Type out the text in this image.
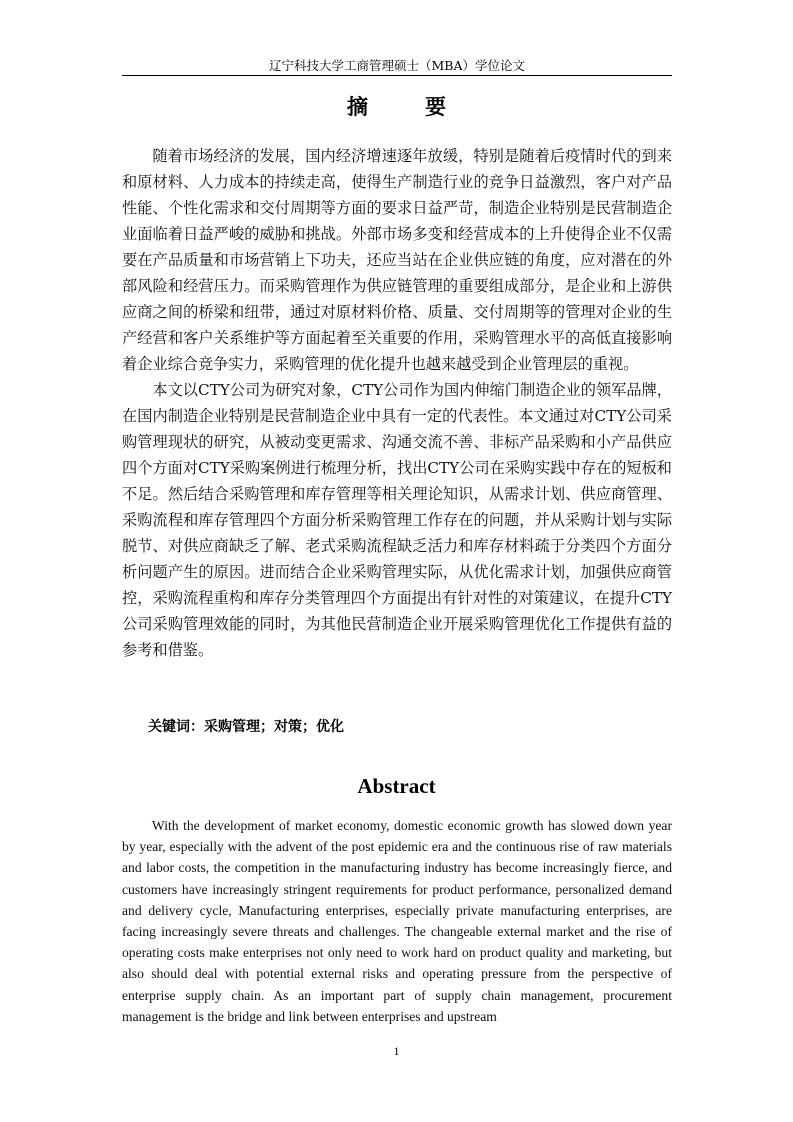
辽宁科技大学工商管理硕士（MBA）学位论文
摘　要

随着市场经济的发展，国内经济增速逐年放缓，特别是随着后疫情时代的到来和原材料、人力成本的持续走高，使得生产制造行业的竞争日益激烈，客户对产品性能、个性化需求和交付周期等方面的要求日益严苛，制造企业特别是民营制造企业面临着日益严峻的威胁和挑战。外部市场多变和经营成本的上升使得企业不仅需要在产品质量和市场营销上下功夫，还应当站在企业供应链的角度，应对潜在的外部风险和经营压力。而采购管理作为供应链管理的重要组成部分，是企业和上游供应商之间的桥梁和纽带，通过对原材料价格、质量、交付周期等的管理对企业的生产经营和客户关系维护等方面起着至关重要的作用，采购管理水平的高低直接影响着企业综合竞争实力，采购管理的优化提升也越来越受到企业管理层的重视。

本文以CTY公司为研究对象，CTY公司作为国内伸缩门制造企业的领军品牌，在国内制造企业特别是民营制造企业中具有一定的代表性。本文通过对CTY公司采购管理现状的研究，从被动变更需求、沟通交流不善、非标产品采购和小产品供应四个方面对CTY采购案例进行梳理分析，找出CTY公司在采购实践中存在的短板和不足。然后结合采购管理和库存管理等相关理论知识，从需求计划、供应商管理、采购流程和库存管理四个方面分析采购管理工作存在的问题，并从采购计划与实际脱节、对供应商缺乏了解、老式采购流程缺乏活力和库存材料疏于分类四个方面分析问题产生的原因。进而结合企业采购管理实际，从优化需求计划，加强供应商管控，采购流程重构和库存分类管理四个方面提出有针对性的对策建议，在提升CTY公司采购管理效能的同时，为其他民营制造企业开展采购管理优化工作提供有益的参考和借鉴。

关键词：采购管理；对策；优化
Abstract

With the development of market economy, domestic economic growth has slowed down year by year, especially with the advent of the post epidemic era and the continuous rise of raw materials and labor costs, the competition in the manufacturing industry has become increasingly fierce, and customers have increasingly stringent requirements for product performance, personalized demand and delivery cycle, Manufacturing enterprises, especially private manufacturing enterprises, are facing increasingly severe threats and challenges. The changeable external market and the rise of operating costs make enterprises not only need to work hard on product quality and marketing, but also should deal with potential external risks and operating pressure from the perspective of enterprise supply chain. As an important part of supply chain management, procurement management is the bridge and link between enterprises and upstream

1
